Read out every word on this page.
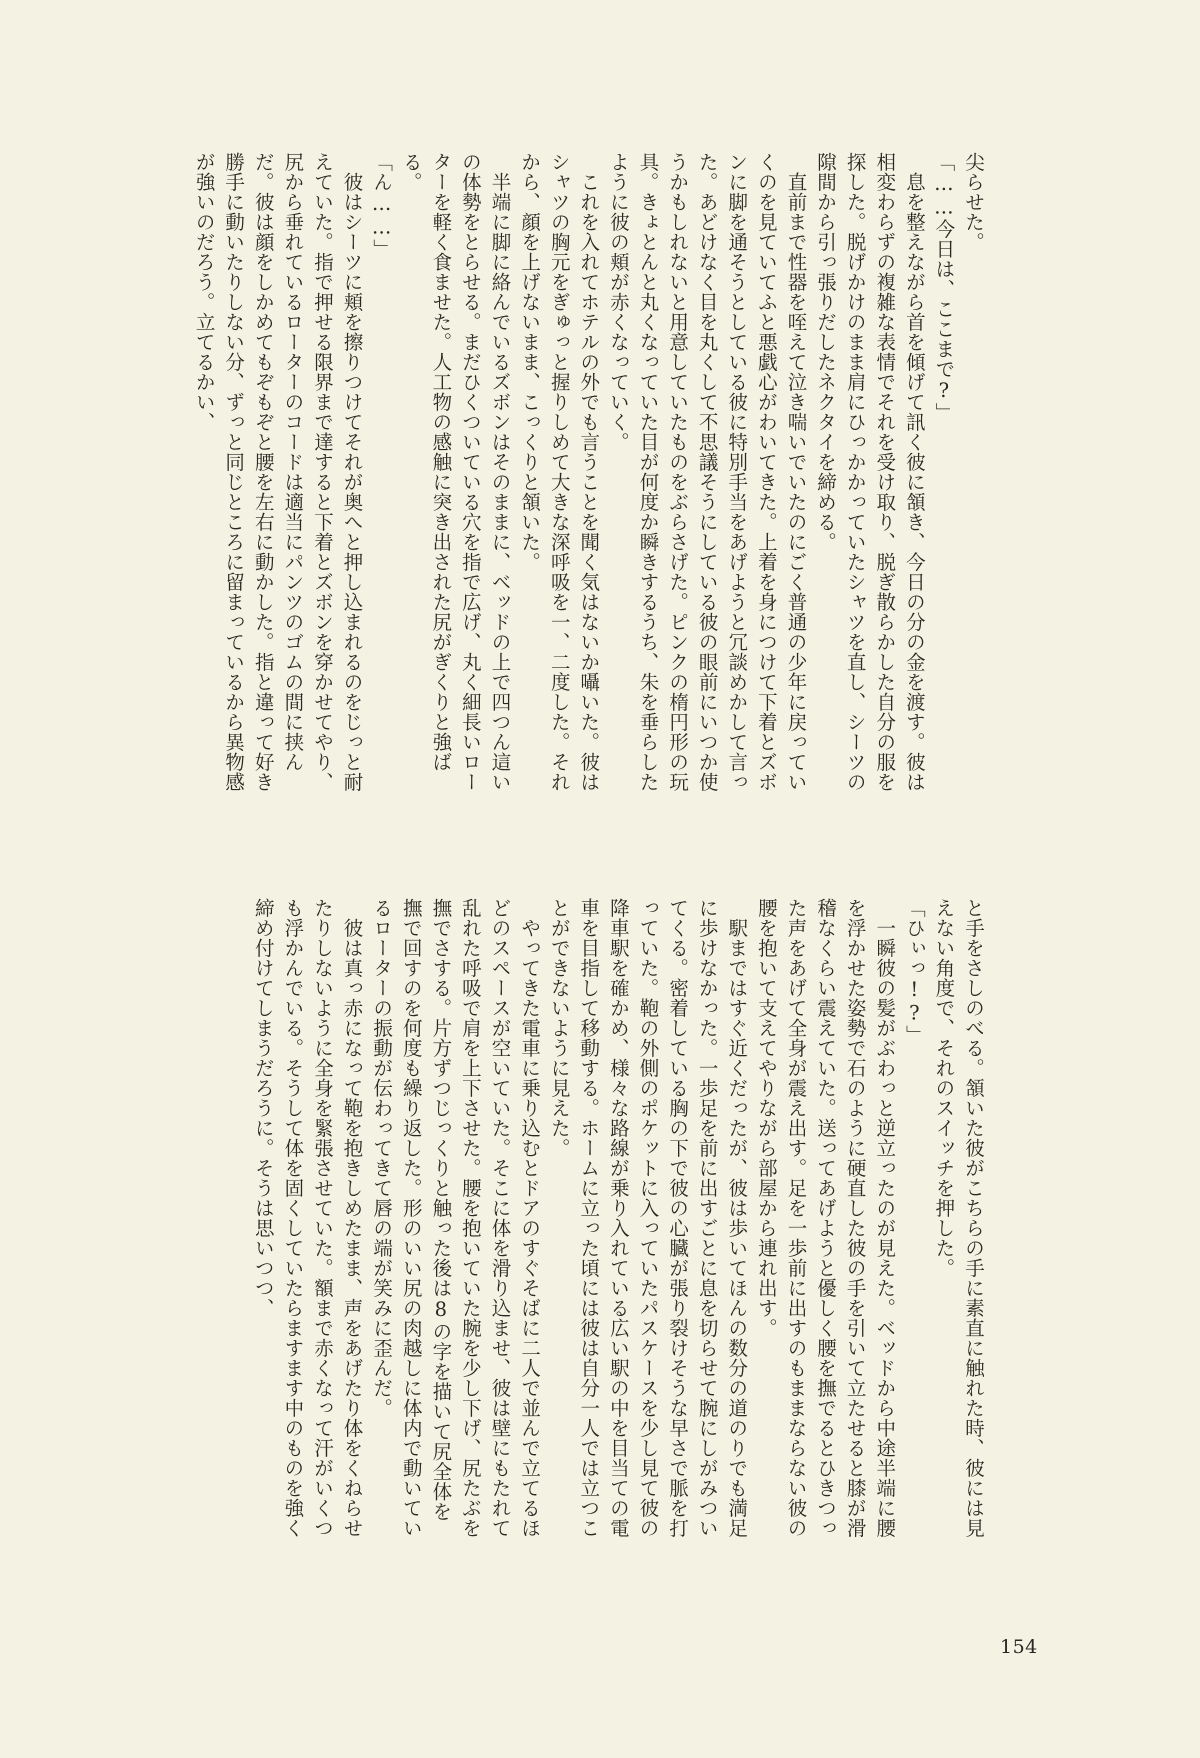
尖らせた。

「……今日は、ここまで?」

　息を整えながら首を傾げて訊く彼に頷き、今日の分の金を渡す。彼は相変わらずの複雑な表情でそれを受け取り、脱ぎ散らかした自分の服を探した。脱げかけのまま肩にひっかかっていたシャツを直し、シーツの隙間から引っ張りだしたネクタイを締める。

　直前まで性器を咥えて泣き喘いでいたのにごく普通の少年に戻っていくのを見ていてふと悪戯心がわいてきた。上着を身につけて下着とズボンに脚を通そうとしている彼に特別手当をあげようと冗談めかして言った。あどけなく目を丸くして不思議そうにしている彼の眼前にいつか使うかもしれないと用意していたものをぶらさげた。ピンクの楕円形の玩具。きょとんと丸くなっていた目が何度か瞬きするうち、朱を垂らしたように彼の頬が赤くなっていく。

　これを入れてホテルの外でも言うことを聞く気はないか囁いた。彼はシャツの胸元をぎゅっと握りしめて大きな深呼吸を一、二度した。それから、顔を上げないまま、こっくりと頷いた。

　半端に脚に絡んでいるズボンはそのままに、ベッドの上で四つん這いの体勢をとらせる。まだひくついている穴を指で広げ、丸く細長いローターを軽く食ませた。人工物の感触に突き出された尻がぎくりと強ばる。

「ん……」

　彼はシーツに頬を擦りつけてそれが奥へと押し込まれるのをじっと耐えていた。指で押せる限界まで達すると下着とズボンを穿かせてやり、尻から垂れているローターのコードは適当にパンツのゴムの間に挟んだ。彼は顔をしかめてもぞもぞと腰を左右に動かした。指と違って好き勝手に動いたりしない分、ずっと同じところに留まっているから異物感が強いのだろう。立てるかい、

と手をさしのべる。頷いた彼がこちらの手に素直に触れた時、彼には見えない角度で、それのスイッチを押した。

「ひぃっ!?」

　一瞬彼の髪がぶわっと逆立ったのが見えた。ベッドから中途半端に腰を浮かせた姿勢で石のように硬直した彼の手を引いて立たせると膝が滑稽なくらい震えていた。送ってあげようと優しく腰を撫でるとひきつった声をあげて全身が震え出す。足を一歩前に出すのもままならない彼の腰を抱いて支えてやりながら部屋から連れ出す。

　駅まではすぐ近くだったが、彼は歩いてほんの数分の道のりでも満足に歩けなかった。一歩足を前に出すごとに息を切らせて腕にしがみついてくる。密着している胸の下で彼の心臓が張り裂けそうな早さで脈を打っていた。鞄の外側のポケットに入っていたパスケースを少し見て彼の降車駅を確かめ、様々な路線が乗り入れている広い駅の中を目当ての電車を目指して移動する。ホームに立った頃には彼は自分一人では立つことができないように見えた。

　やってきた電車に乗り込むとドアのすぐそばに二人で並んで立てるほどのスペースが空いていた。そこに体を滑り込ませ、彼は壁にもたれて乱れた呼吸で肩を上下させた。腰を抱いていた腕を少し下げ、尻たぶを撫でさする。片方ずつじっくりと触った後は8の字を描いて尻全体を撫で回すのを何度も繰り返した。形のいい尻の肉越しに体内で動いているローターの振動が伝わってきて唇の端が笑みに歪んだ。

　彼は真っ赤になって鞄を抱きしめたまま、声をあげたり体をくねらせたりしないように全身を緊張させていた。額まで赤くなって汗がいくつも浮かんでいる。そうして体を固くしていたらますます中のものを強く締め付けてしまうだろうに。そうは思いつつ、

154
